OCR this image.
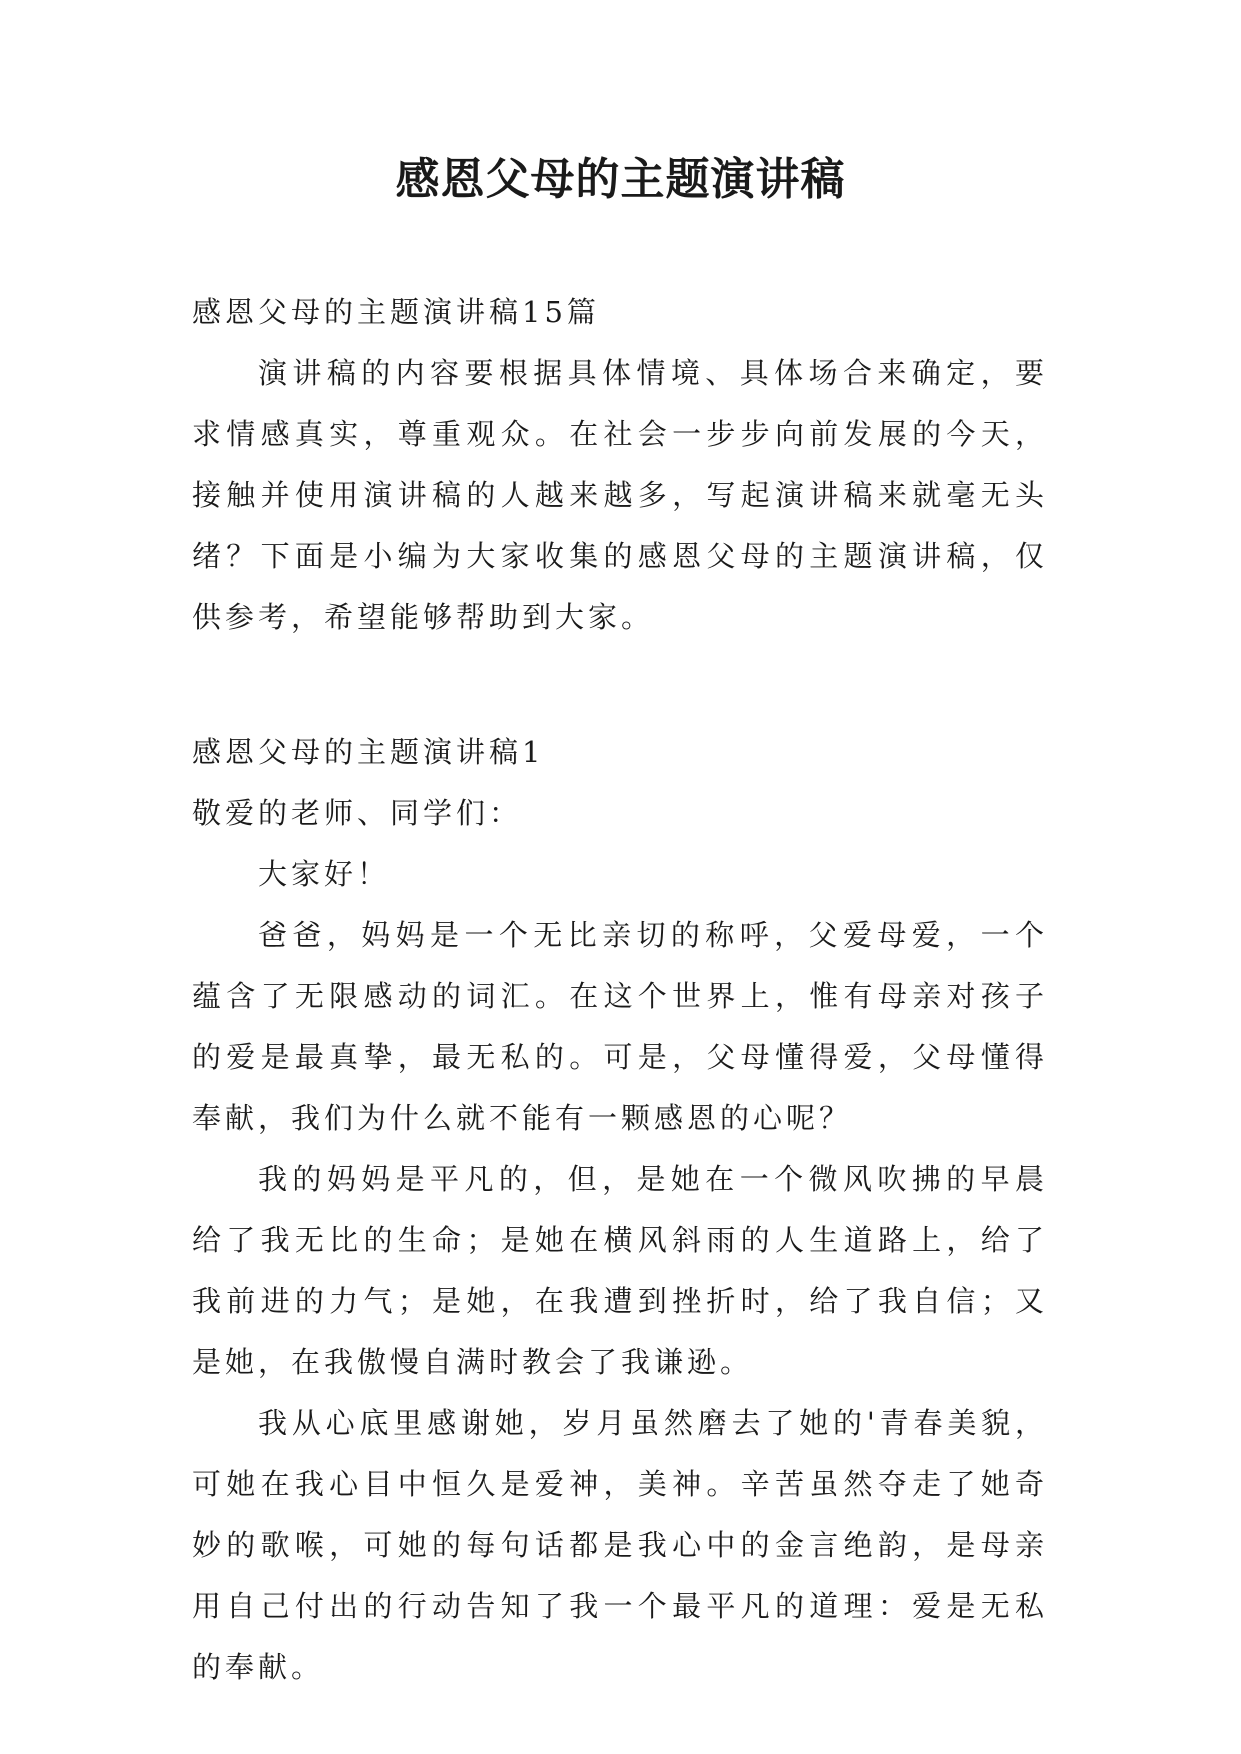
感恩父母的主题演讲稿

感恩父母的主题演讲稿15篇

演讲稿的内容要根据具体情境、具体场合来确定，要求情感真实，尊重观众。在社会一步步向前发展的今天，接触并使用演讲稿的人越来越多，写起演讲稿来就毫无头绪？下面是小编为大家收集的感恩父母的主题演讲稿，仅供参考，希望能够帮助到大家。

感恩父母的主题演讲稿1

敬爱的老师、同学们：

大家好！

爸爸，妈妈是一个无比亲切的称呼，父爱母爱，一个蕴含了无限感动的词汇。在这个世界上，惟有母亲对孩子的爱是最真挚，最无私的。可是，父母懂得爱，父母懂得奉献，我们为什么就不能有一颗感恩的心呢？

我的妈妈是平凡的，但，是她在一个微风吹拂的早晨给了我无比的生命；是她在横风斜雨的人生道路上，给了我前进的力气；是她，在我遭到挫折时，给了我自信；又是她，在我傲慢自满时教会了我谦逊。

我从心底里感谢她，岁月虽然磨去了她的'青春美貌，可她在我心目中恒久是爱神，美神。辛苦虽然夺走了她奇妙的歌喉，可她的每句话都是我心中的金言绝韵，是母亲用自己付出的行动告知了我一个最平凡的道理：爱是无私的奉献。
